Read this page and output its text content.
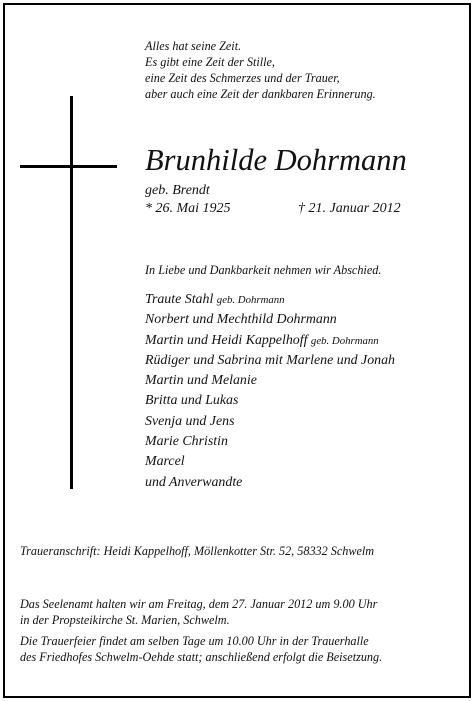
Alles hat seine Zeit.
Es gibt eine Zeit der Stille,
eine Zeit des Schmerzes und der Trauer,
aber auch eine Zeit der dankbaren Erinnerung.
Brunhilde Dohrmann
geb. Brendt
* 26. Mai 1925	† 21. Januar 2012
In Liebe und Dankbarkeit nehmen wir Abschied.
Traute Stahl geb. Dohrmann
Norbert und Mechthild Dohrmann
Martin und Heidi Kappelhoff geb. Dohrmann
Rüdiger und Sabrina mit Marlene und Jonah
Martin und Melanie
Britta und Lukas
Svenja und Jens
Marie Christin
Marcel
und Anverwandte
Traueranschrift: Heidi Kappelhoff, Möllenkotter Str. 52, 58332 Schwelm
Das Seelenamt halten wir am Freitag, dem 27. Januar 2012 um 9.00 Uhr
in der Propsteikirche St. Marien, Schwelm.
Die Trauerfeier findet am selben Tage um 10.00 Uhr in der Trauerhalle
des Friedhofes Schwelm-Oehde statt; anschließend erfolgt die Beisetzung.
